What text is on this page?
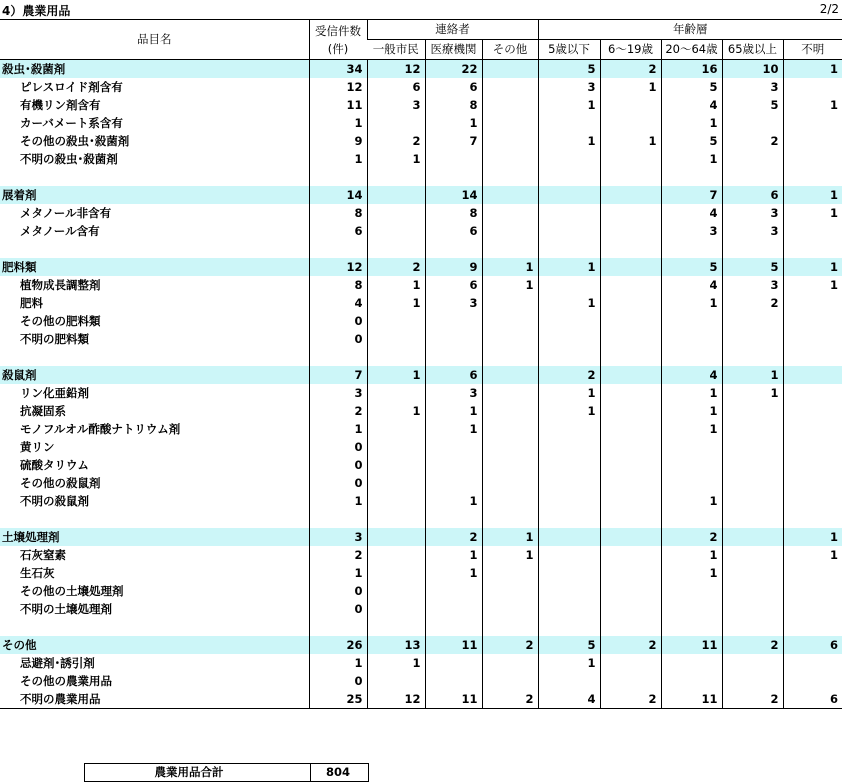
4）農業用品	2/2
品目名	受信件数
(件)	連絡者			年齢層				
		一般市民	医療機関	その他	5歳以下	6～19歳	20～64歳	65歳以上	不明
殺虫･殺菌剤	34	12	22		5	2	16	10	1
ピレスロイド剤含有	12	6	6		3	1	5	3	
有機リン剤含有	11	3	8		1		4	5	1
カーバメート系含有	1		1				1		
その他の殺虫･殺菌剤	9	2	7		1	1	5	2	
不明の殺虫･殺菌剤	1	1					1		

展着剤	14		14				7	6	1
メタノール非含有	8		8				4	3	1
メタノール含有	6		6				3	3	

肥料類	12	2	9	1	1		5	5	1
植物成長調整剤	8	1	6	1			4	3	1
肥料	4	1	3		1		1	2	
その他の肥料類	0								
不明の肥料類	0								

殺鼠剤	7	1	6		2		4	1	
リン化亜鉛剤	3		3		1		1	1	
抗凝固系	2	1	1		1		1		
モノフルオル酢酸ナトリウム剤	1		1				1		
黄リン	0								
硫酸タリウム	0								
その他の殺鼠剤	0								
不明の殺鼠剤	1		1				1		

土壌処理剤	3		2	1			2		1
石灰窒素	2		1	1			1		1
生石灰	1		1				1		
その他の土壌処理剤	0								
不明の土壌処理剤	0								

その他	26	13	11	2	5	2	11	2	6
忌避剤･誘引剤	1	1			1				
その他の農業用品	0								
不明の農業用品	25	12	11	2	4	2	11	2	6
農業用品合計	804
